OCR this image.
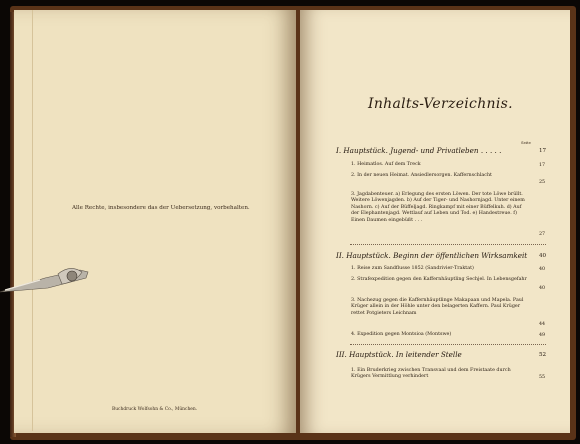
Alle Rechte, insbesondere das der Uebersetzung, vorbehalten.
Buchdruck Wolfsohn & Co., München.
Inhalts-Verzeichnis.
Seite
I. Hauptstück. Jugend- und Privatleben . . . . .	17
1. Heimatlos. Auf dem Treck	17
2. In der neuen Heimat. Ansiedlersorgen. Kaffernschlacht
25
3. Jagdabenteuer. a) Erlegung des ersten Löwen. Der tote Löwe brüllt. Weitere Löwenjagden. b) Auf der Tiger- und Nashornjagd. Unter einem Nashorn. c) Auf der Büffeljagd. Ringkampf mit einer Büffelkuh. d) Auf der Elephantenjagd. Wettlauf auf Leben und Tod. e) Handestreue. f) Einen Daumen eingebüßt . . .
27
II. Hauptstück. Beginn der öffentlichen Wirksamkeit 40
1. Reise zum Sandflusse 1852 (Sandrivier-Traktat)	40
2. Strafexpedition gegen den Kaffernhäuptling Sechjel. In Lebensgefahr
40
3. Nachezug gegen die Kaffernhäuptlinge Makapaan und Mapela. Paul Krüger allein in der Höhle unter den belagerten Kaffern. Paul Krüger rettet Potgieters Leichnam
44
4. Expedition gegen Montsioa (Montswe)	49
III. Hauptstück. In leitender Stelle	52
1. Ein Bruderkrieg zwischen Transvaal und dem Freistaate durch Krügers Vermittlung verhindert	55
